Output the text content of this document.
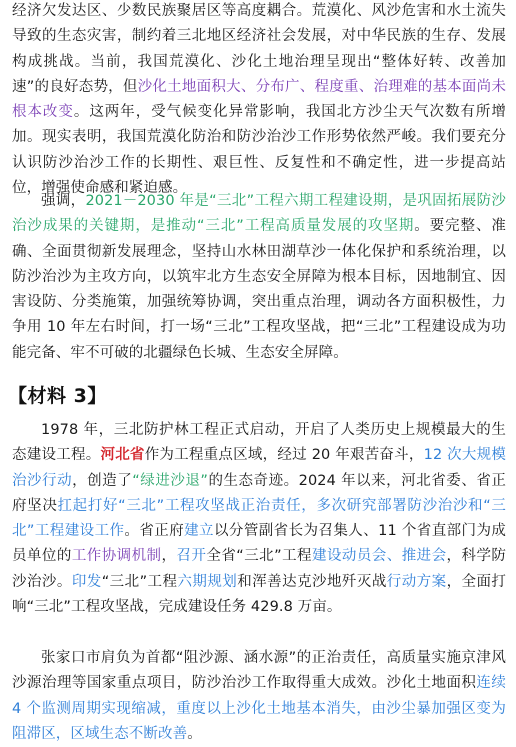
经济欠发达区、少数民族聚居区等高度耦合。荒漠化、风沙危害和水土流失导致的生态灾害，制约着三北地区经济社会发展，对中华民族的生存、发展构成挑战。当前，我国荒漠化、沙化土地治理呈现出“整体好转、改善加速”的良好态势，但沙化土地面积大、分布广、程度重、治理难的基本面尚未根本改变。这两年，受气候变化异常影响，我国北方沙尘天气次数有所增加。现实表明，我国荒漠化防治和防沙治沙工作形势依然严峻。我们要充分认识防沙治沙工作的长期性、艰巨性、反复性和不确定性，进一步提高站位，增强使命感和紧迫感。

强调，2021－2030 年是“三北”工程六期工程建设期，是巩固拓展防沙治沙成果的关键期，是推动“三北”工程高质量发展的攻坚期。要完整、准确、全面贯彻新发展理念，坚持山水林田湖草沙一体化保护和系统治理，以防沙治沙为主攻方向，以筑牢北方生态安全屏障为根本目标，因地制宜、因害设防、分类施策，加强统筹协调，突出重点治理，调动各方面积极性，力争用 10 年左右时间，打一场“三北”工程攻坚战，把“三北”工程建设成为功能完备、牢不可破的北疆绿色长城、生态安全屏障。

【材料 3】

1978 年，三北防护林工程正式启动，开启了人类历史上规模最大的生态建设工程。河北省作为工程重点区域，经过 20 年艰苦奋斗，12 次大规模治沙行动，创造了“绿进沙退”的生态奇迹。2024 年以来，河北省委、省正府坚决扛起打好“三北”工程攻坚战正治责任，多次研究部署防沙治沙和“三北”工程建设工作。省正府建立以分管副省长为召集人、11 个省直部门为成员单位的工作协调机制，召开全省“三北”工程建设动员会、推进会，科学防沙治沙。印发“三北”工程六期规划和浑善达克沙地歼灭战行动方案，全面打响“三北”工程攻坚战，完成建设任务 429.8 万亩。

张家口市肩负为首都“阻沙源、涵水源”的正治责任，高质量实施京津风沙源治理等国家重点项目，防沙治沙工作取得重大成效。沙化土地面积连续 4 个监测周期实现缩减，重度以上沙化土地基本消失，由沙尘暴加强区变为阻滞区，区域生态不断改善。
